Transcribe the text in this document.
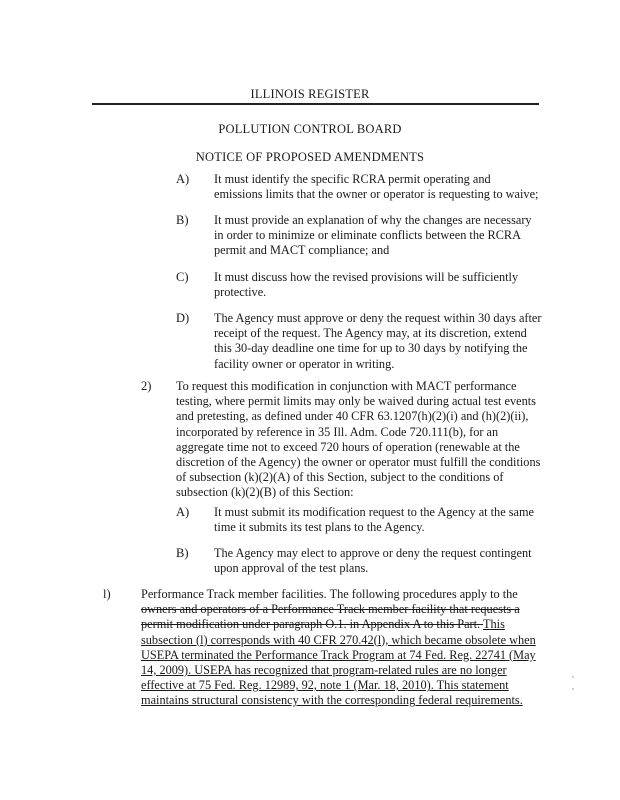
ILLINOIS REGISTER
POLLUTION CONTROL BOARD
NOTICE OF PROPOSED AMENDMENTS
A) It must identify the specific RCRA permit operating and emissions limits that the owner or operator is requesting to waive;
B) It must provide an explanation of why the changes are necessary in order to minimize or eliminate conflicts between the RCRA permit and MACT compliance; and
C) It must discuss how the revised provisions will be sufficiently protective.
D) The Agency must approve or deny the request within 30 days after receipt of the request. The Agency may, at its discretion, extend this 30-day deadline one time for up to 30 days by notifying the facility owner or operator in writing.
2) To request this modification in conjunction with MACT performance testing, where permit limits may only be waived during actual test events and pretesting, as defined under 40 CFR 63.1207(h)(2)(i) and (h)(2)(ii), incorporated by reference in 35 Ill. Adm. Code 720.111(b), for an aggregate time not to exceed 720 hours of operation (renewable at the discretion of the Agency) the owner or operator must fulfill the conditions of subsection (k)(2)(A) of this Section, subject to the conditions of subsection (k)(2)(B) of this Section:
A) It must submit its modification request to the Agency at the same time it submits its test plans to the Agency.
B) The Agency may elect to approve or deny the request contingent upon approval of the test plans.
l) Performance Track member facilities. The following procedures apply to the owners and operators of a Performance Track member facility that requests a permit modification under paragraph O.1. in Appendix A to this Part. This subsection (l) corresponds with 40 CFR 270.42(l), which became obsolete when USEPA terminated the Performance Track Program at 74 Fed. Reg. 22741 (May 14, 2009). USEPA has recognized that program-related rules are no longer effective at 75 Fed. Reg. 12989, 92, note 1 (Mar. 18, 2010). This statement maintains structural consistency with the corresponding federal requirements.
